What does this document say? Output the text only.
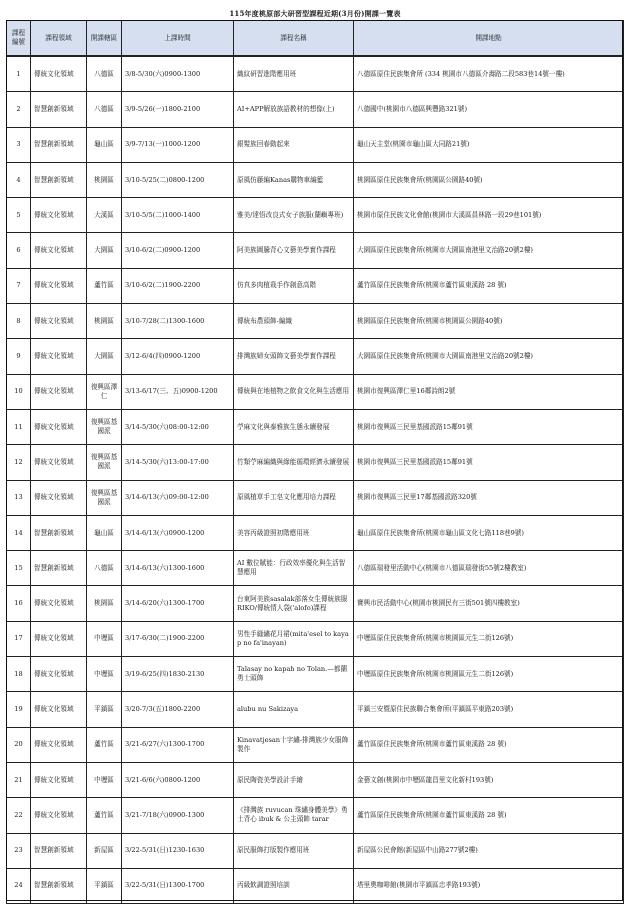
115年度桃原部大研習型課程近期(3月份)開課一覽表
課程編號	課程領域	開課轄區	上課時間	課程名稱	開課地點
1	傳統文化領域	八德區	3/8-5/30(六)0900-1300	織紋研習進階應用班	八德區原住民族集會所 (334 桃園市八德區介壽路二段583巷14號一樓)
2	智慧創新領域	八德區	3/9-5/26(一)1800-2100	AI+APP解放族語教材的想像(上)	八德國中(桃園市八德區興豐路321號)
3	智慧創新領域	龜山區	3/9-7/13(一)1000-1200	銀髮族回春動起來	龜山天主堂(桃園市龜山區大同路21號)
4	智慧創新領域	桃園區	3/10-5/25(二)0800-1200	原風仿藤編Kanas購物車編籃	桃園區原住民族集會所(桃園區公園路40號)
5	傳統文化領域	大溪區	3/10-5/5(二)1000-1400	雅美/達悟改良式女子族服(蘭嶼專班)	桃園市原住民族文化會館(桃園市大溪區員林路一段29巷101號)
6	傳統文化領域	大園區	3/10-6/2(二)0900-1200	阿美族圖騰背心文藝美學實作課程	大園區原住民族集會所(桃園市大園區南港里文治路20號2樓)
7	傳統文化領域	蘆竹區	3/10-6/2(二)1900-2200	仿真多肉植栽手作創意高階	蘆竹區原住民族集會所(桃園市蘆竹區東溪路 28 號)
8	傳統文化領域	桃園區	3/10-7/28(二)1300-1600	傳統布農頭飾-編織	桃園區原住民族集會所(桃園市桃園區公園路40號)
9	傳統文化領域	大園區	3/12-6/4(四)0900-1200	排灣族婦女頭飾文藝美學實作課程	大園區原住民族集會所(桃園市大園區南港里文治路20號2樓)
10	傳統文化領域	復興區澤仁	3/13-6/17(三、五)0900-1200	傳統與在地植物之飲食文化與生活應用	桃園市復興區澤仁里16鄰詩朗2號
11	傳統文化領域	復興區基國派	3/14-5/30(六)08:00-12:00	苧麻文化與泰雅族生態永續發展	桃園市復興區三民里基國派路15鄰91號
12	傳統文化領域	復興區基國派	3/14-5/30(六)13:00-17:00	竹類苧麻編織與綠能循環經濟永續發展	桃園市復興區三民里基國派路15鄰91號
13	傳統文化領域	復興區基國派	3/14-6/13(六)09:00-12:00	原風植草手工皂文化應用培力課程	桃園市復興區三民里17鄰基國派路320號
14	智慧創新領域	龜山區	3/14-6/13(六)0900-1200	美容丙級證照初階應用班	龜山區原住民族集會所(桃園市龜山區文化七路118巷9號)
15	智慧創新領域	八德區	3/14-6/13(六)1300-1600	AI 數位賦能：行政效率優化與生活智慧應用	八德區瑞發里活動中心(桃園市八德區瑞發街55號2樓教室)
16	傳統文化領域	桃園區	3/14-6/20(六)1300-1700	台東阿美族sasalak部落女生傳統族服RIKO/傳統情人袋('alofo)課程	寶興市民活動中心(桃園市桃園民有三街501號四樓教室)
17	傳統文化領域	中壢區	3/17-6/30(二)1900-2200	男性手縫繡花月裙(mita'esel to kayap no fa'inayan)	中壢區原住民族集會所(桃園市桃園區元生二街126號)
18	傳統文化領域	中壢區	3/19-6/25(四)1830-2130	Talasay no kapah no Tolan.—都蘭勇士頭飾	中壢區原住民族集會所(桃園市桃園區元生二街126號)
19	傳統文化領域	平鎮區	3/20-7/3(五)1800-2200	alubu nu Sakizaya	平鎮三安暨原住民族聯合集會所(平鎮區平東路203號)
20	傳統文化領域	蘆竹區	3/21-6/27(六)1300-1700	Kinavatjesan十字繡-排灣族少女服飾製作	蘆竹區原住民族集會所(桃園市蘆竹區東溪路 28 號)
21	傳統文化領域	中壢區	3/21-6/6(六)0800-1200	原民陶瓷美學設計手繪	金藝文創(桃園市中壢區龍昌里文化新村193號)
22	傳統文化領域	蘆竹區	3/21-7/18(六)0900-1300	《排灣族 ruvucan 珠繡身體美學》勇士背心 ibuk & 公主頭飾 tarar	蘆竹區原住民族集會所(桃園市蘆竹區東溪路 28 號)
23	智慧創新領域	新屋區	3/22-5/31(日)1230-1630	原民服飾打版製作應用班	新屋區公民會館(新屋區中山路277號2樓)
24	智慧創新領域	平鎮區	3/22-5/31(日)1300-1700	丙級飲調證照培訓	塔里奧咖啡館(桃園市平鎮區忠孝路193號)
